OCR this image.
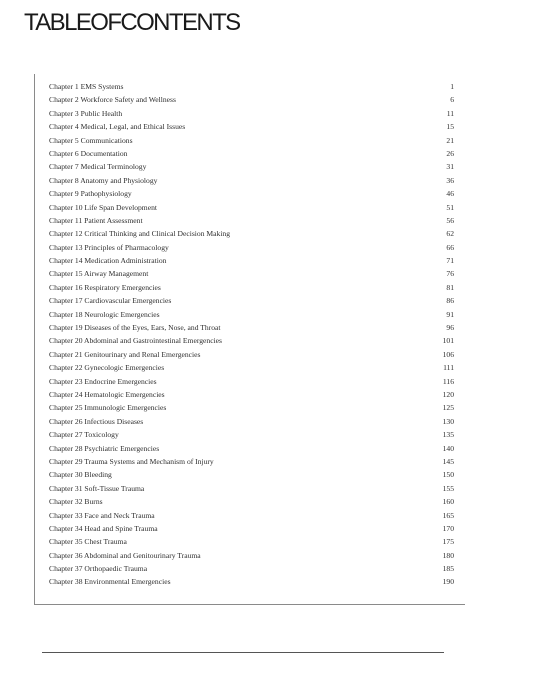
TABLEOFCONTENTS
Chapter 1 EMS Systems	1
Chapter 2 Workforce Safety and Wellness	6
Chapter 3 Public Health	11
Chapter 4 Medical, Legal, and Ethical Issues	15
Chapter 5 Communications	21
Chapter 6 Documentation	26
Chapter 7 Medical Terminology	31
Chapter 8 Anatomy and Physiology	36
Chapter 9 Pathophysiology	46
Chapter 10 Life Span Development	51
Chapter 11 Patient Assessment	56
Chapter 12 Critical Thinking and Clinical Decision Making	62
Chapter 13 Principles of Pharmacology	66
Chapter 14 Medication Administration	71
Chapter 15 Airway Management	76
Chapter 16 Respiratory Emergencies	81
Chapter 17 Cardiovascular Emergencies	86
Chapter 18 Neurologic Emergencies	91
Chapter 19 Diseases of the Eyes, Ears, Nose, and Throat	96
Chapter 20 Abdominal and Gastrointestinal Emergencies	101
Chapter 21 Genitourinary and Renal Emergencies	106
Chapter 22 Gynecologic Emergencies	111
Chapter 23 Endocrine Emergencies	116
Chapter 24 Hematologic Emergencies	120
Chapter 25 Immunologic Emergencies	125
Chapter 26 Infectious Diseases	130
Chapter 27 Toxicology	135
Chapter 28 Psychiatric Emergencies	140
Chapter 29 Trauma Systems and Mechanism of Injury	145
Chapter 30 Bleeding	150
Chapter 31 Soft-Tissue Trauma	155
Chapter 32 Burns	160
Chapter 33 Face and Neck Trauma	165
Chapter 34 Head and Spine Trauma	170
Chapter 35 Chest Trauma	175
Chapter 36 Abdominal and Genitourinary Trauma	180
Chapter 37 Orthopaedic Trauma	185
Chapter 38 Environmental Emergencies	190
